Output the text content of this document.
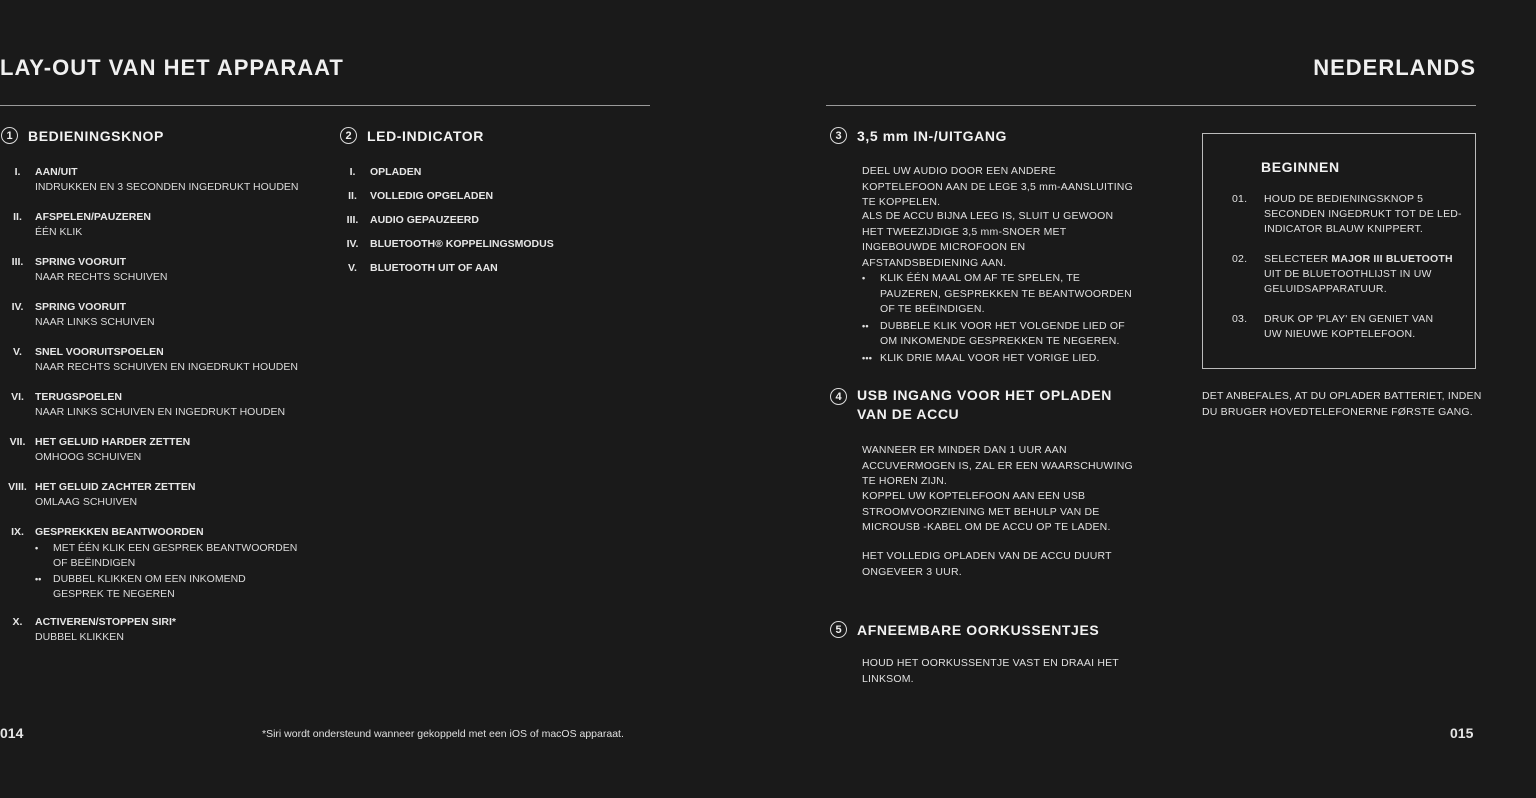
LAY-OUT VAN HET APPARAAT
1	BEDIENINGSKNOP
I.	AAN/UIT
INDRUKKEN EN 3 SECONDEN INGEDRUKT HOUDEN
II.	AFSPELEN/PAUZEREN
ÉÉN KLIK
III.	SPRING VOORUIT
NAAR RECHTS SCHUIVEN
IV.	SPRING VOORUIT
NAAR LINKS SCHUIVEN
V.	SNEL VOORUITSPOELEN
NAAR RECHTS SCHUIVEN EN INGEDRUKT HOUDEN
VI.	TERUGSPOELEN
NAAR LINKS SCHUIVEN EN INGEDRUKT HOUDEN
VII. HET GELUID HARDER ZETTEN
OMHOOG SCHUIVEN
VIII. HET GELUID ZACHTER ZETTEN
OMLAAG SCHUIVEN
IX.	GESPREKKEN BEANTWOORDEN
•	MET ÉÉN KLIK EEN GESPREK BEANTWOORDEN OF BEËINDIGEN
••	DUBBEL KLIKKEN OM EEN INKOMEND GESPREK TE NEGEREN
X.	ACTIVEREN/STOPPEN SIRI*
DUBBEL KLIKKEN
2	LED-INDICATOR
I.	OPLADEN
II.	VOLLEDIG OPGELADEN
III.	AUDIO GEPAUZEERD
IV.	BLUETOOTH® KOPPELINGSMODUS
V.	BLUETOOTH UIT OF AAN
014	*Siri wordt ondersteund wanneer gekoppeld met een iOS of macOS apparaat.
NEDERLANDS
3	3,5 mm IN-/UITGANG
DEEL UW AUDIO DOOR EEN ANDERE KOPTELEFOON AAN DE LEGE 3,5 mm-AANSLUITING TE KOPPELEN.
ALS DE ACCU BIJNA LEEG IS, SLUIT U GEWOON HET TWEEZIJDIGE 3,5 mm-SNOER MET INGEBOUWDE MICROFOON EN AFSTANDSBEDIENING AAN.
•	KLIK ÉÉN MAAL OM AF TE SPELEN, TE PAUZEREN, GESPREKKEN TE BEANTWOORDEN OF TE BEËINDIGEN.
••	DUBBELE KLIK VOOR HET VOLGENDE LIED OF OM INKOMENDE GESPREKKEN TE NEGEREN.
••• KLIK DRIE MAAL VOOR HET VORIGE LIED.
4	USB INGANG VOOR HET OPLADEN
VAN DE ACCU
WANNEER ER MINDER DAN 1 UUR AAN ACCUVERMOGEN IS, ZAL ER EEN WAARSCHUWING TE HOREN ZIJN.
KOPPEL UW KOPTELEFOON AAN EEN USB STROOMVOORZIENING MET BEHULP VAN DE MICROUSB -KABEL OM DE ACCU OP TE LADEN.
HET VOLLEDIG OPLADEN VAN DE ACCU DUURT ONGEVEER 3 UUR.
5	AFNEEMBARE OORKUSSENTJES
HOUD HET OORKUSSENTJE VAST EN DRAAI HET LINKSOM.
BEGINNEN
01.	HOUD DE BEDIENINGSKNOP 5 SECONDEN INGEDRUKT TOT DE LED-INDICATOR BLAUW KNIPPERT.
02.	SELECTEER MAJOR III BLUETOOTH UIT DE BLUETOOTHLIJST IN UW GELUIDSAPPARATUUR.
03.	DRUK OP 'PLAY' EN GENIET VAN UW NIEUWE KOPTELEFOON.
DET ANBEFALES, AT DU OPLADER BATTERIET, INDEN DU BRUGER HOVEDTELEFONERNE FØRSTE GANG.
015
